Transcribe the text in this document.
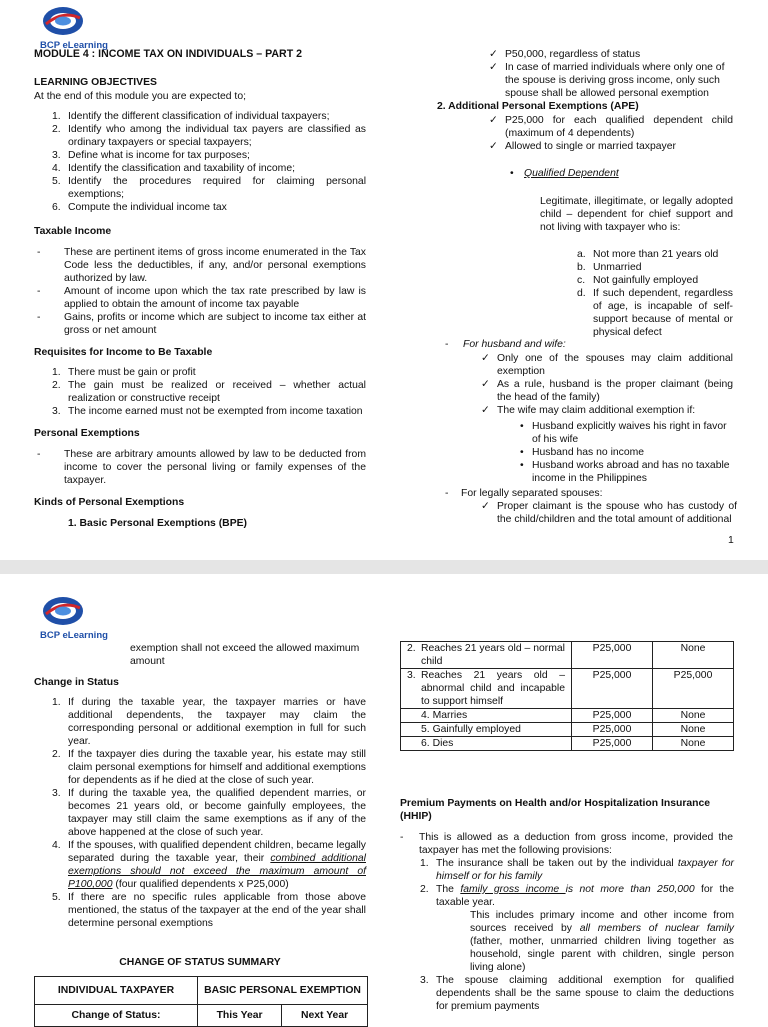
BCP eLearning
MODULE 4 : INCOME TAX ON INDIVIDUALS – PART 2
LEARNING OBJECTIVES
At the end of this module you are expected to;
1. Identify the different classification of individual taxpayers;
2. Identify who among the individual tax payers are classified as ordinary taxpayers or special taxpayers;
3. Define what is income for tax purposes;
4. Identify the classification and taxability of income;
5. Identify the procedures required for claiming personal exemptions;
6. Compute the individual income tax
Taxable Income
- These are pertinent items of gross income enumerated in the Tax Code less the deductibles, if any, and/or personal exemptions authorized by law.
- Amount of income upon which the tax rate prescribed by law is applied to obtain the amount of income tax payable
- Gains, profits or income which are subject to income tax either at gross or net amount
Requisites for Income to Be Taxable
1. There must be gain or profit
2. The gain must be realized or received – whether actual realization or constructive receipt
3. The income earned must not be exempted from income taxation
Personal Exemptions
- These are arbitrary amounts allowed by law to be deducted from income to cover the personal living or family expenses of the taxpayer.
Kinds of Personal Exemptions
1. Basic Personal Exemptions (BPE)
✓ P50,000, regardless of status
✓ In case of married individuals where only one of the spouse is deriving gross income, only such spouse shall be allowed personal exemption
2. Additional Personal Exemptions (APE)
✓ P25,000 for each qualified dependent child (maximum of 4 dependents)
✓ Allowed to single or married taxpayer
• Qualified Dependent
Legitimate, illegitimate, or legally adopted child – dependent for chief support and not living with taxpayer who is:
a. Not more than 21 years old
b. Unmarried
c. Not gainfully employed
d. If such dependent, regardless of age, is incapable of self-support because of mental or physical defect
- For husband and wife:
✓ Only one of the spouses may claim additional exemption
✓ As a rule, husband is the proper claimant (being the head of the family)
✓ The wife may claim additional exemption if:
• Husband explicitly waives his right in favor of his wife
• Husband has no income
• Husband works abroad and has no taxable income in the Philippines
- For legally separated spouses:
✓ Proper claimant is the spouse who has custody of the child/children and the total amount of additional
1
BCP eLearning
exemption shall not exceed the allowed maximum amount
Change in Status
1. If during the taxable year, the taxpayer marries or have additional dependents, the taxpayer may claim the corresponding personal or additional exemption in full for such year.
2. If the taxpayer dies during the taxable year, his estate may still claim personal exemptions for himself and additional exemptions for dependents as if he died at the close of such year.
3. If during the taxable yea, the qualified dependent marries, or becomes 21 years old, or become gainfully employees, the taxpayer may still claim the same exemptions as if any of the above happened at the close of such year.
4. If the spouses, with qualified dependent children, became legally separated during the taxable year, their combined additional exemptions should not exceed the maximum amount of P100,000 (four qualified dependents x P25,000)
5. If there are no specific rules applicable from those above mentioned, the status of the taxpayer at the end of the year shall determine personal exemptions
CHANGE OF STATUS SUMMARY
INDIVIDUAL TAXPAYER	BASIC PERSONAL EXEMPTION	
Change of Status:	This Year	Next Year
2. Reaches 21 years old – normal child	P25,000	None

3. Reaches 21 years old – abnormal child and incapable to support himself	P25,000	P25,000
4. Marries	P25,000	None
5. Gainfully employed	P25,000	None
6. Dies	P25,000	None
Premium Payments on Health and/or Hospitalization Insurance (HHIP)
- This is allowed as a deduction from gross income, provided the taxpayer has met the following provisions:
1. The insurance shall be taken out by the individual taxpayer for himself or for his family
2. The family gross income is not more than 250,000 for the taxable year.
This includes primary income and other income from sources received by all members of nuclear family (father, mother, unmarried children living together as household, single parent with children, single person living alone)
3. The spouse claiming additional exemption for qualified dependents shall be the same spouse to claim the deductions for premium payments
